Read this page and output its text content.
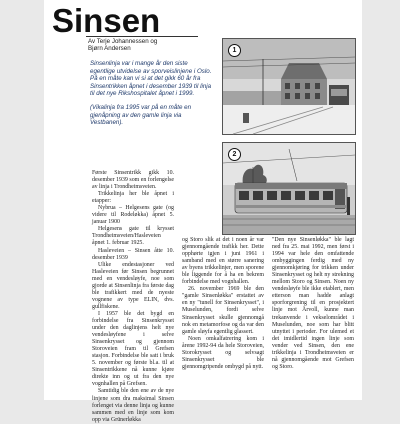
Sinsen
Av Terje Johannessen og
Bjørn Andersen

Sinsenlinja var i mange år den siste egentlige utvidelse av sporveislinjene i Oslo. På en måte kan vi si at det gikk 60 år fra Sinsentrikken åpnet i desember 1939 til linja til det nye Rikshospitalet åpnet i 1999.

(Vikalinja fra 1995 var på en måte en gjenåpning av den gamle linja via Vestbanen).

1
2

Første Sinsentrikk gikk 10. desember 1939 som en forlengelse av linja i Trondheimsveien.

Trikkelinja her ble åpnet i etapper:

Nybrua – Helgesens gate (og videre til Rodeløkka) åpnet 5. januar 1900

Helgesens gate til krysset Trondheimsveien/Hasleveien åpnet 1. februar 1925.

Hasleveien – Sinsen åtte 10. desember 1939

Ulike endestasjoner ved Hasleveien før Sinsen begrunnet med en vendesløyfe, noe som gjorde at Sinsenlinja fra første dag ble trafikkert med de nyeste vognene av type ELIN, dvs. gullfiskene.

I 1957 ble det bygd en forbindelse fra Sinsenkrysset under den daglinjens helt nye vendesløyfene i selve Sinsenkrysset og gjennom Storoveien fram til Grefsen stasjon. Forbindelse ble satt i bruk 5. november og første bl.a. til at Sinsentrikkene nå kunne kjøre direkte inn og ut fra den nye vognhallen på Grefsen.

Samtidig ble den ene av de nye linjene som dra maksimal Sinsen forlenget via denne linja og kunne sammen med en linje som kom opp via Grünerløkka

og Storo slik at det i noen år var gjennomgående trafikk her. Dette opphørte igjen i juni 1961 i samband med en større sanering av byens trikkelinjer, men sporene ble liggende for å ha en bekrem forbindelse med vognhallen.

26. november 1969 ble den "gamle Sinsenløkka" erstattet av en ny "tunell for Sinsenkrysset", i Muselunden, fordi selve Sinsenkrysset skulle gjennomgå nok en metamorfose og da var den gamle sløyfa egentlig glassert.

Noen omkalfatrering kom i årene 1992-94 da hele Storoveien, Storokrysset og selvsagt Sinsenkrysset ble gjennomgripende ombygd på nytt.

"Den nye Sinsenløkka" ble lagt ned fra 25. mai 1992, men først i 1994 var hele den omfattende ombyggingen ferdig med ny gjennomkjøring for trikken under Sinsenkrysset og helt ny strekning mellom Storo og Sinsen. Noen ny vendesløyfe ble ikke etablert, men etterson man hadde anlagt sporforgrening til en prosjektert linje mot Årvoll, kunne man trekanvende i vekselområdet i Muselunden, noe som har blitt utnyttet i perioder. For ulemed et det imidlertid ingen linje som vender ved Sinsen, den ene trikkelinja i Trondheimsveien er nå gjennomgående mot Grefsen og Storo.
